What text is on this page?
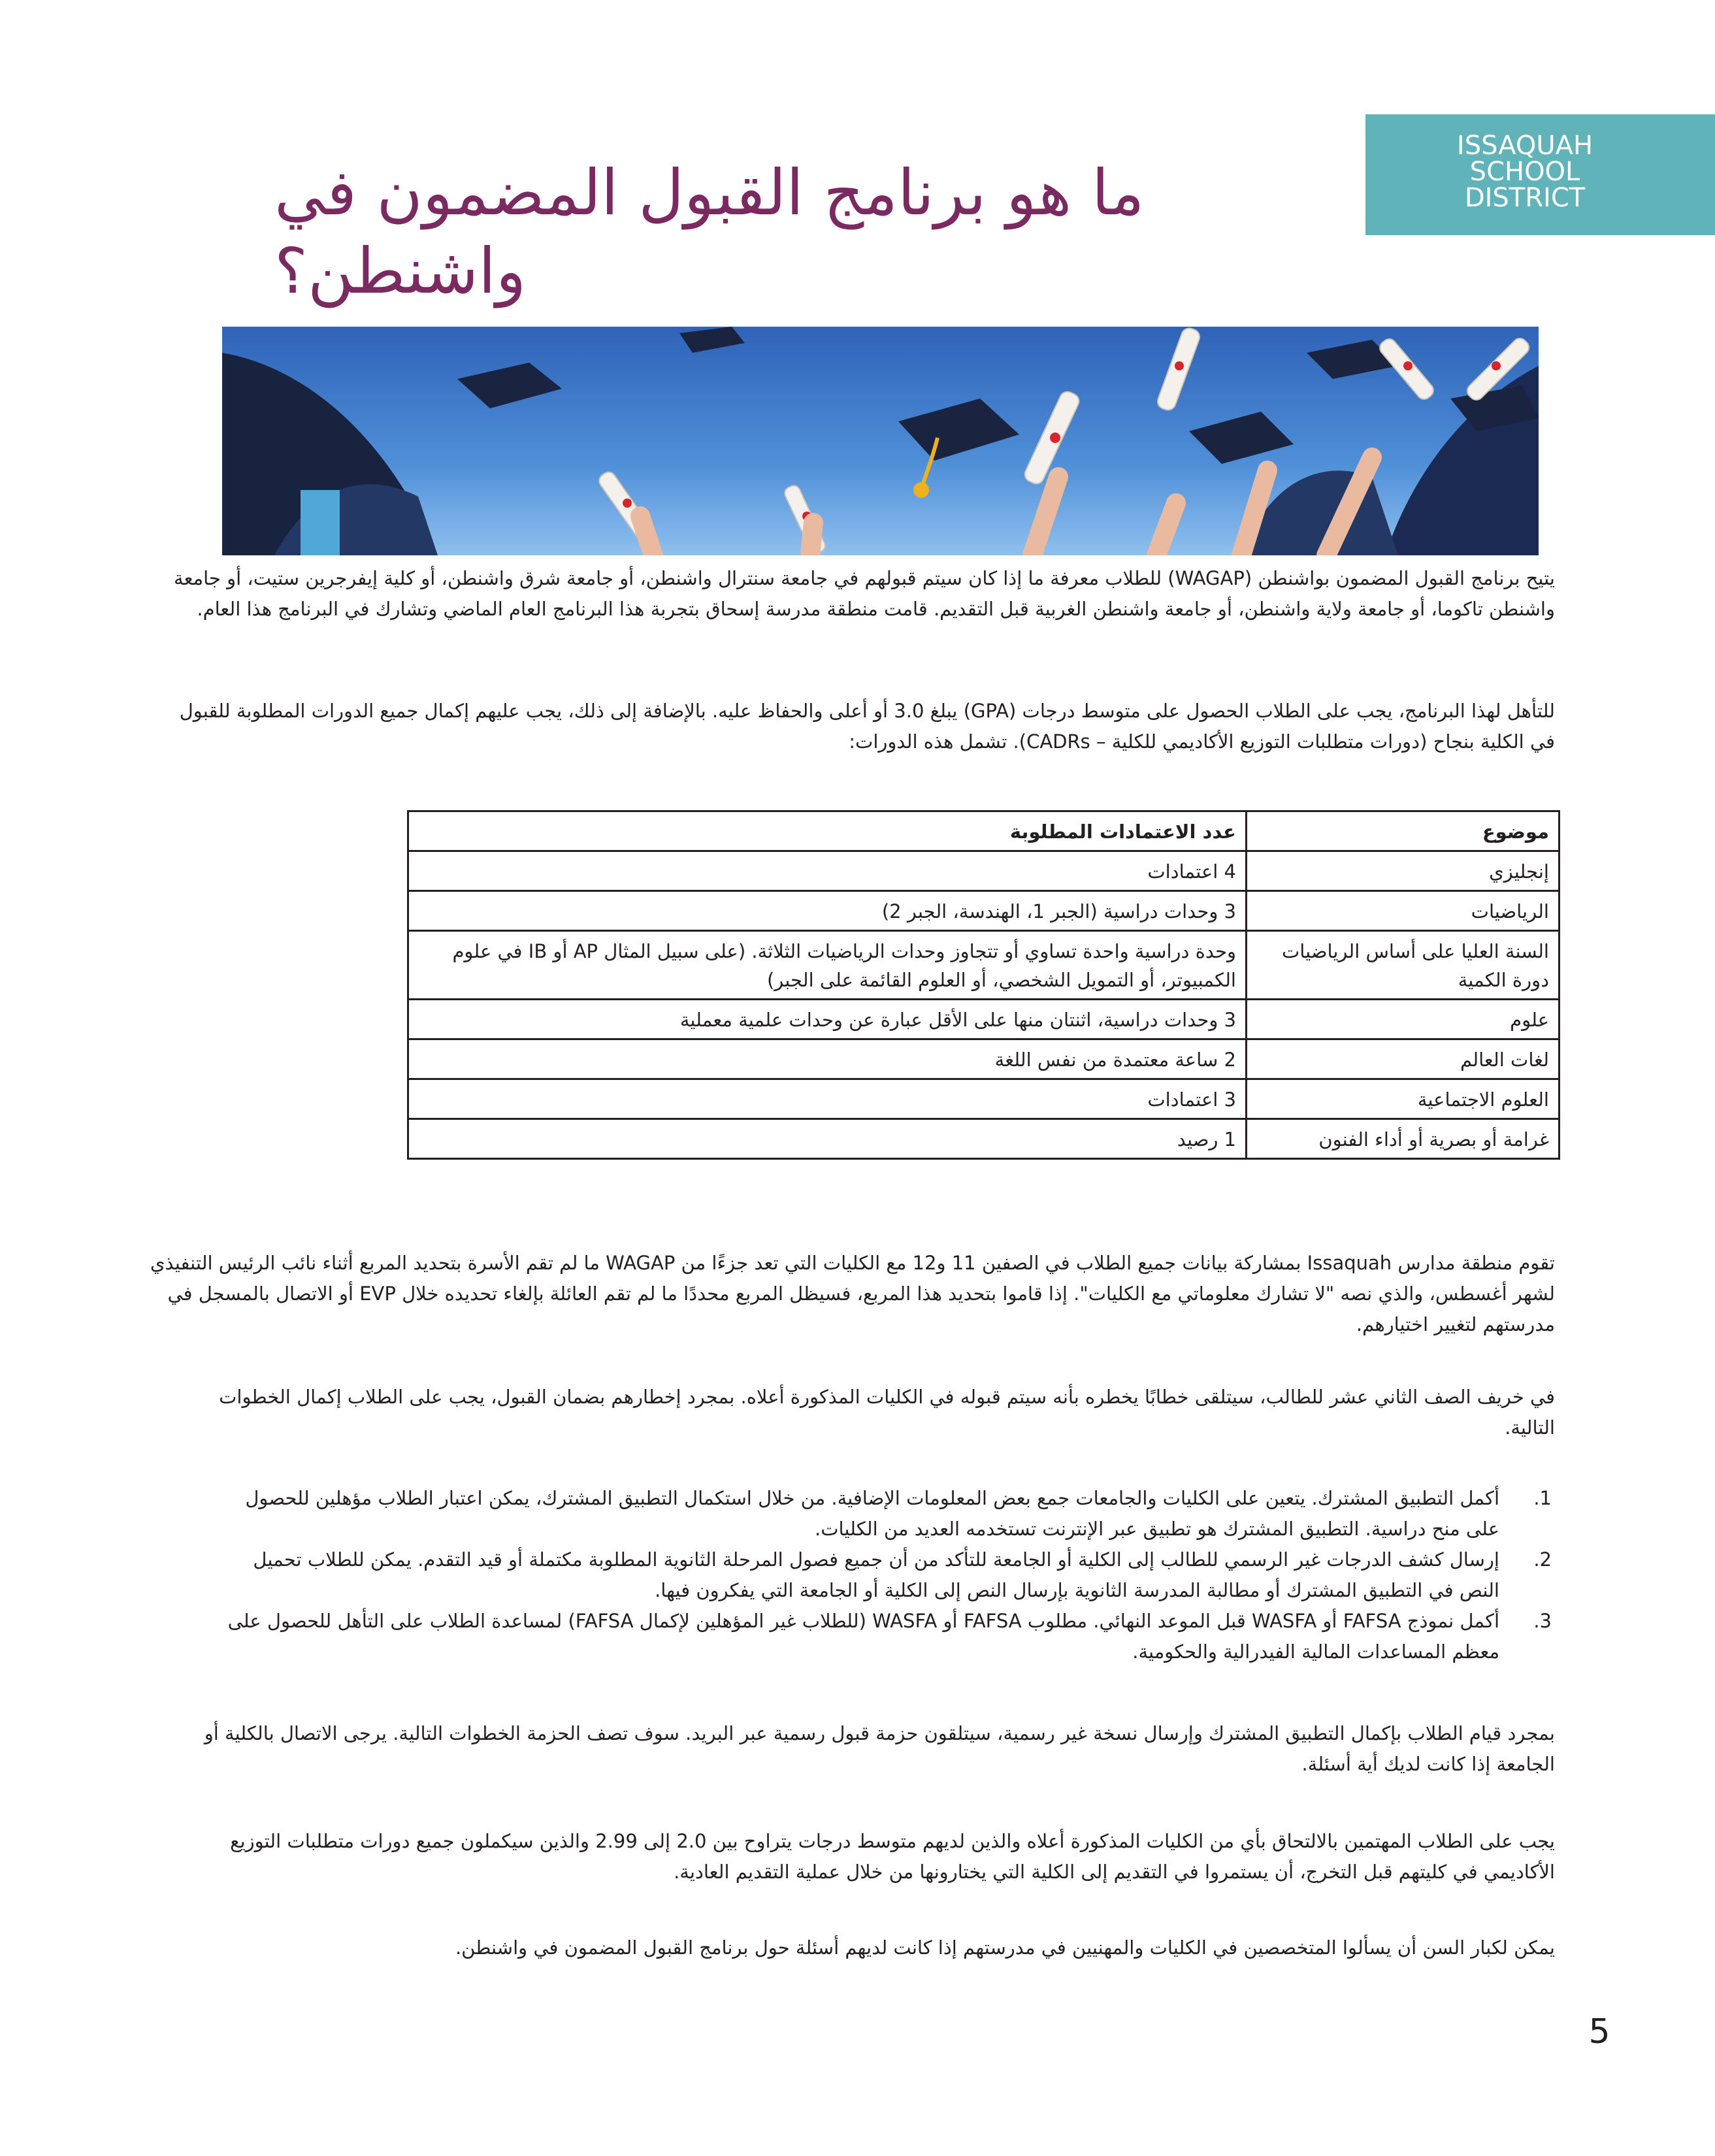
ISSAQUAH
SCHOOL
DISTRICT
ما هو برنامج القبول المضمون في واشنطن؟

يتيح برنامج القبول المضمون بواشنطن (WAGAP) للطلاب معرفة ما إذا كان سيتم قبولهم في جامعة سنترال واشنطن، أو جامعة شرق واشنطن، أو كلية إيفرجرين ستيت، أو جامعة واشنطن تاكوما، أو جامعة ولاية واشنطن، أو جامعة واشنطن الغربية قبل التقديم. قامت منطقة مدرسة إسحاق بتجربة هذا البرنامج العام الماضي وتشارك في البرنامج هذا العام.

للتأهل لهذا البرنامج، يجب على الطلاب الحصول على متوسط درجات (GPA) يبلغ 3.0 أو أعلى والحفاظ عليه. بالإضافة إلى ذلك، يجب عليهم إكمال جميع الدورات المطلوبة للقبول في الكلية بنجاح (دورات متطلبات التوزيع الأكاديمي للكلية – CADRs). تشمل هذه الدورات:

موضوع	عدد الاعتمادات المطلوبة
إنجليزي	4 اعتمادات
الرياضيات	3 وحدات دراسية (الجبر 1، الهندسة، الجبر 2)
السنة العليا على أساس الرياضيات دورة الكمية	وحدة دراسية واحدة تساوي أو تتجاوز وحدات الرياضيات الثلاثة. (على سبيل المثال AP أو IB في علوم الكمبيوتر، أو التمويل الشخصي، أو العلوم القائمة على الجبر)
علوم	3 وحدات دراسية، اثنتان منها على الأقل عبارة عن وحدات علمية معملية
لغات العالم	2 ساعة معتمدة من نفس اللغة
العلوم الاجتماعية	3 اعتمادات
غرامة أو بصرية أو أداء الفنون	1 رصيد

تقوم منطقة مدارس Issaquah بمشاركة بيانات جميع الطلاب في الصفين 11 و12 مع الكليات التي تعد جزءًا من WAGAP ما لم تقم الأسرة بتحديد المربع أثناء نائب الرئيس التنفيذي لشهر أغسطس، والذي نصه "لا تشارك معلوماتي مع الكليات". إذا قاموا بتحديد هذا المربع، فسيظل المربع محددًا ما لم تقم العائلة بإلغاء تحديده خلال EVP أو الاتصال بالمسجل في مدرستهم لتغيير اختيارهم.

في خريف الصف الثاني عشر للطالب، سيتلقى خطابًا يخطره بأنه سيتم قبوله في الكليات المذكورة أعلاه. بمجرد إخطارهم بضمان القبول، يجب على الطلاب إكمال الخطوات التالية.

.1
أكمل التطبيق المشترك. يتعين على الكليات والجامعات جمع بعض المعلومات الإضافية. من خلال استكمال التطبيق المشترك، يمكن اعتبار الطلاب مؤهلين للحصول على منح دراسية. التطبيق المشترك هو تطبيق عبر الإنترنت تستخدمه العديد من الكليات.
.2
إرسال كشف الدرجات غير الرسمي للطالب إلى الكلية أو الجامعة للتأكد من أن جميع فصول المرحلة الثانوية المطلوبة مكتملة أو قيد التقدم. يمكن للطلاب تحميل النص في التطبيق المشترك أو مطالبة المدرسة الثانوية بإرسال النص إلى الكلية أو الجامعة التي يفكرون فيها.
.3
أكمل نموذج FAFSA أو WASFA قبل الموعد النهائي. مطلوب FAFSA أو WASFA (للطلاب غير المؤهلين لإكمال FAFSA) لمساعدة الطلاب على التأهل للحصول على معظم المساعدات المالية الفيدرالية والحكومية.

بمجرد قيام الطلاب بإكمال التطبيق المشترك وإرسال نسخة غير رسمية، سيتلقون حزمة قبول رسمية عبر البريد. سوف تصف الحزمة الخطوات التالية. يرجى الاتصال بالكلية أو الجامعة إذا كانت لديك أية أسئلة.

يجب على الطلاب المهتمين بالالتحاق بأي من الكليات المذكورة أعلاه والذين لديهم متوسط درجات يتراوح بين 2.0 إلى 2.99 والذين سيكملون جميع دورات متطلبات التوزيع الأكاديمي في كليتهم قبل التخرج، أن يستمروا في التقديم إلى الكلية التي يختارونها من خلال عملية التقديم العادية.

يمكن لكبار السن أن يسألوا المتخصصين في الكليات والمهنيين في مدرستهم إذا كانت لديهم أسئلة حول برنامج القبول المضمون في واشنطن.

5
